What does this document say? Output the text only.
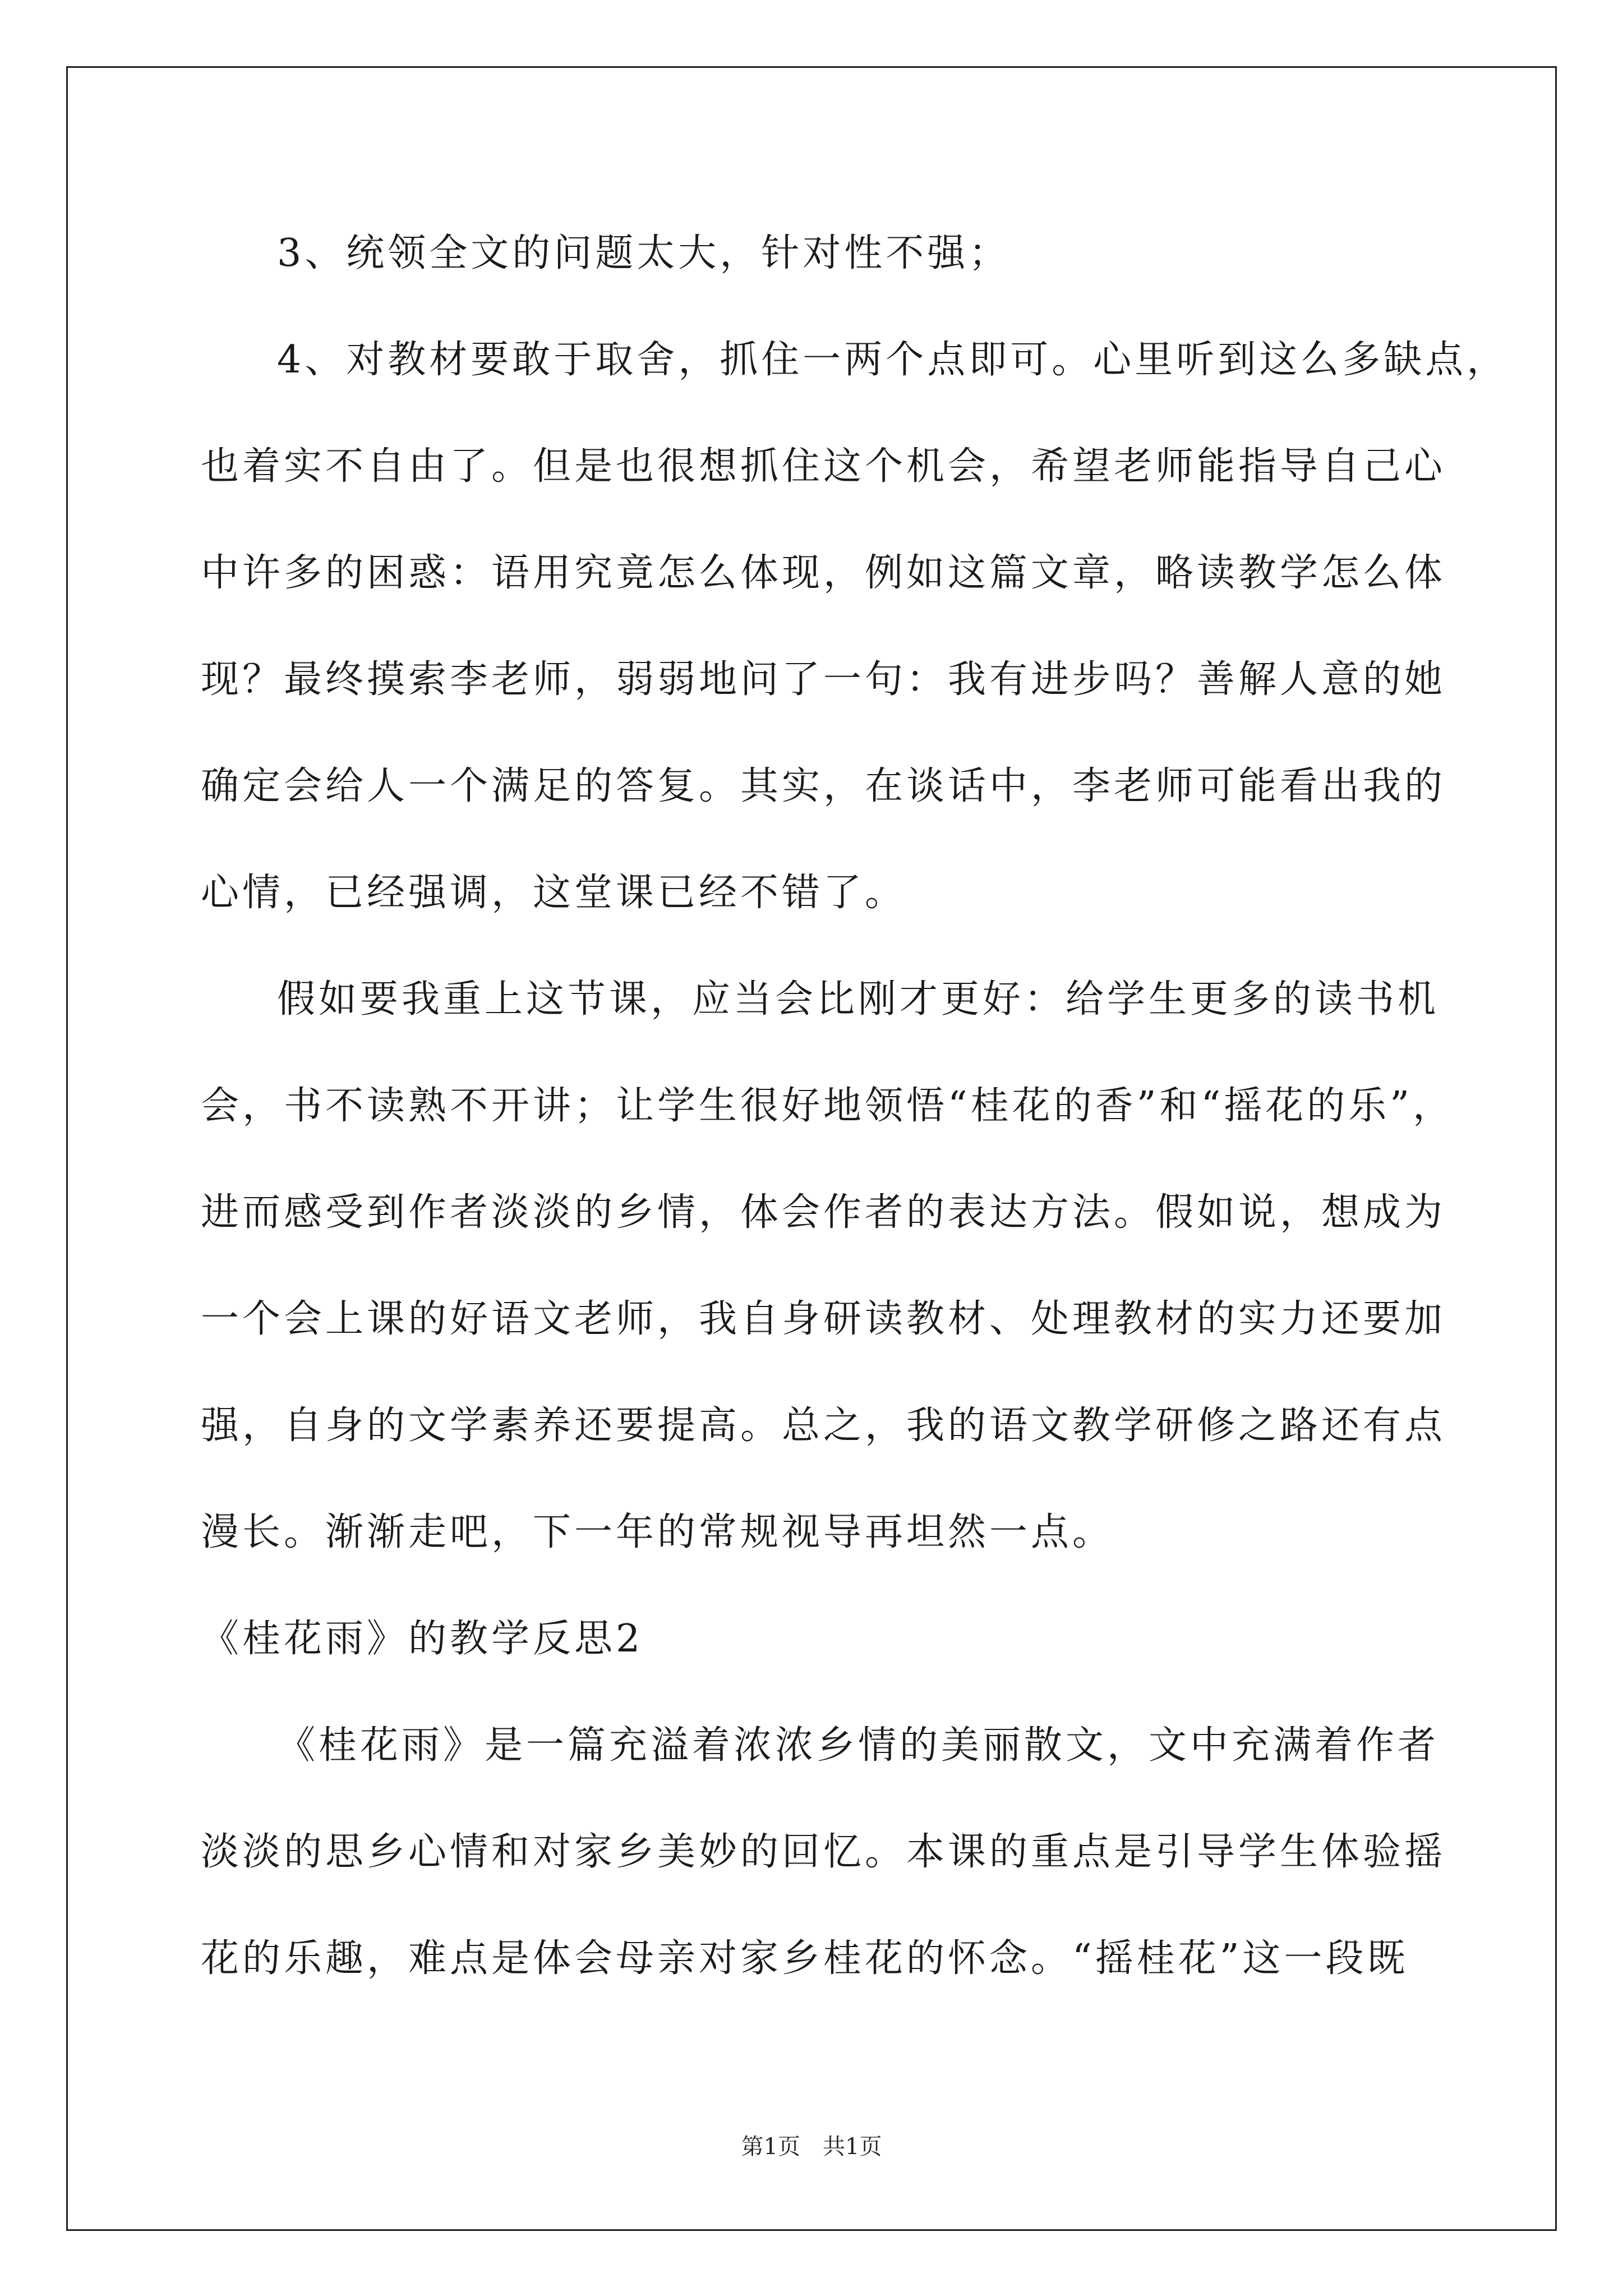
3、统领全文的问题太大，针对性不强；
4、对教材要敢于取舍，抓住一两个点即可。心里听到这么多缺点，
也着实不自由了。但是也很想抓住这个机会，希望老师能指导自己心
中许多的困惑：语用究竟怎么体现，例如这篇文章，略读教学怎么体
现？最终摸索李老师，弱弱地问了一句：我有进步吗？善解人意的她
确定会给人一个满足的答复。其实，在谈话中，李老师可能看出我的
心情，已经强调，这堂课已经不错了。
假如要我重上这节课，应当会比刚才更好：给学生更多的读书机
会，书不读熟不开讲；让学生很好地领悟“桂花的香”和“摇花的乐”，
进而感受到作者淡淡的乡情，体会作者的表达方法。假如说，想成为
一个会上课的好语文老师，我自身研读教材、处理教材的实力还要加
强，自身的文学素养还要提高。总之，我的语文教学研修之路还有点
漫长。渐渐走吧，下一年的常规视导再坦然一点。
《桂花雨》的教学反思2
《桂花雨》是一篇充溢着浓浓乡情的美丽散文，文中充满着作者
淡淡的思乡心情和对家乡美妙的回忆。本课的重点是引导学生体验摇
花的乐趣，难点是体会母亲对家乡桂花的怀念。“摇桂花”这一段既
第1页　共1页
